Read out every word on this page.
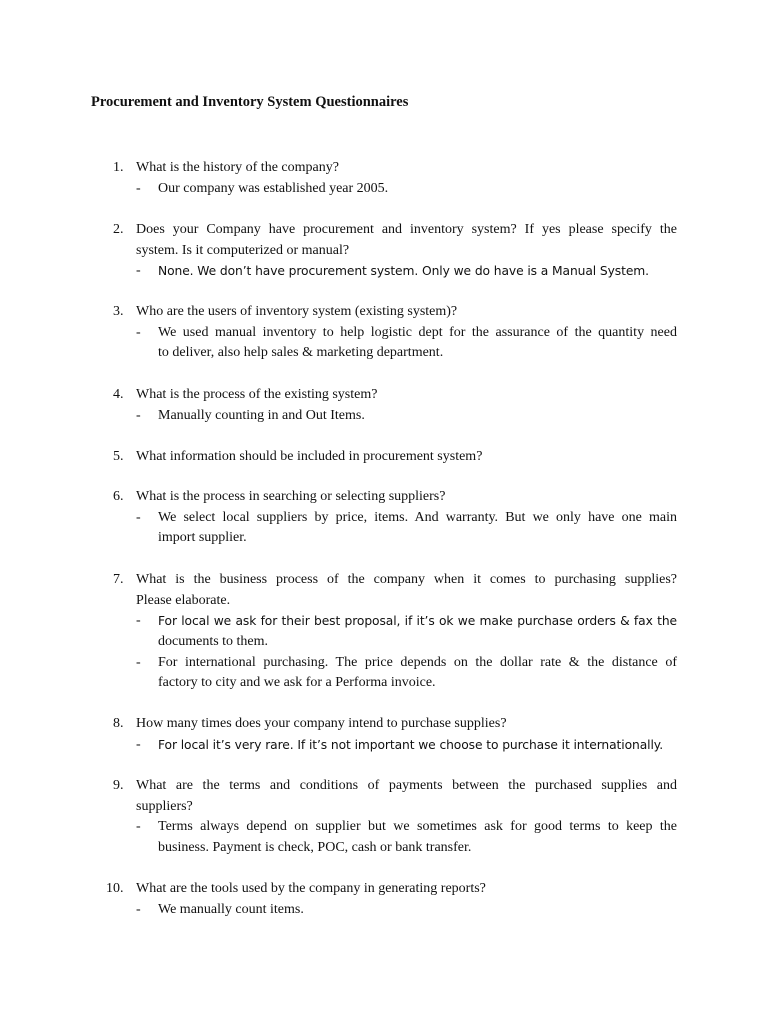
Procurement and Inventory System Questionnaires
1. What is the history of the company?
- Our company was established year 2005.
2. Does your Company have procurement and inventory system? If yes please specify the
system. Is it computerized or manual?
- None. We don’t have procurement system. Only we do have is a Manual System.
3. Who are the users of inventory system (existing system)?
- We used manual inventory to help logistic dept for the assurance of the quantity need
to deliver, also help sales & marketing department.
4. What is the process of the existing system?
- Manually counting in and Out Items.
5. What information should be included in procurement system?
6. What is the process in searching or selecting suppliers?
- We select local suppliers by price, items. And warranty. But we only have one main
import supplier.
7. What is the business process of the company when it comes to purchasing supplies?
Please elaborate.
- For local we ask for their best proposal, if it’s ok we make purchase orders & fax the
documents to them.
- For international purchasing. The price depends on the dollar rate & the distance of
factory to city and we ask for a Performa invoice.
8. How many times does your company intend to purchase supplies?
- For local it’s very rare. If it’s not important we choose to purchase it internationally.
9. What are the terms and conditions of payments between the purchased supplies and
suppliers?
- Terms always depend on supplier but we sometimes ask for good terms to keep the
business. Payment is check, POC, cash or bank transfer.
10. What are the tools used by the company in generating reports?
- We manually count items.
